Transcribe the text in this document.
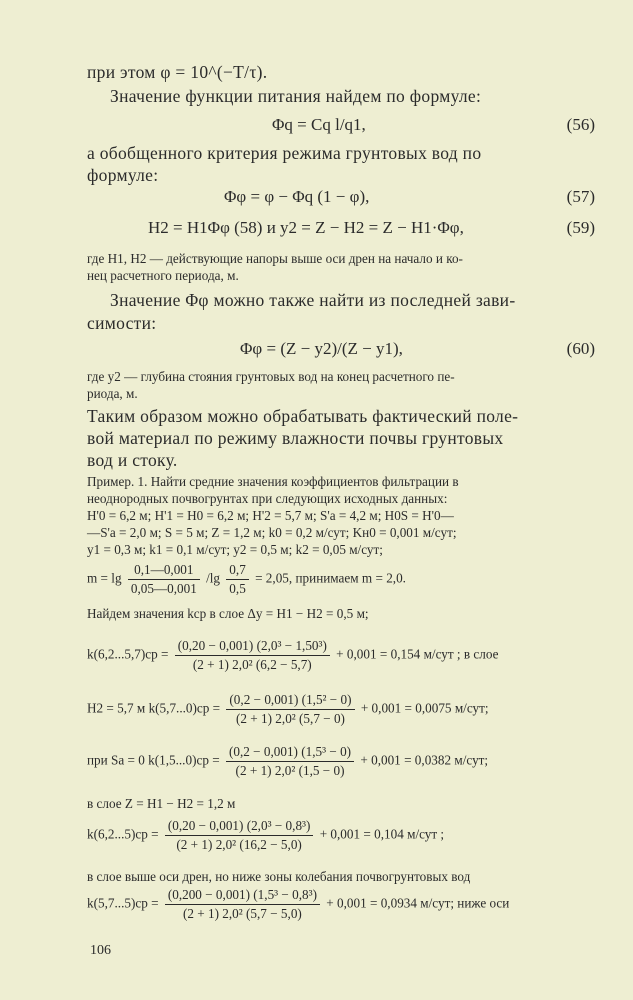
при этом φ = 10^(−T/τ).
Значение функции питания найдем по формуле:
Φq = Cq l/q1,	(56)
а обобщенного критерия режима грунтовых вод по
формуле:
Φφ = φ − Φq (1 − φ),	(57)
H2 = H1Φφ (58) и y2 = Z − H2 = Z − H1·Φφ,	(59)
где H1, H2 — действующие напоры выше оси дрен на начало и ко-
нец расчетного периода, м.
Значение Φφ можно также найти из последней зави-
симости:
Φφ = (Z − y2)/(Z − y1),	(60)
где y2 — глубина стояния грунтовых вод на конец расчетного пе-
риода, м.
Таким образом можно обрабатывать фактический поле-
вой материал по режиму влажности почвы грунтовых
вод и стоку.
Пример. 1. Найти средние значения коэффициентов фильтрации в
неоднородных почвогрунтах при следующих исходных данных:
H'0 = 6,2 м; H'1 = H0 = 6,2 м; H'2 = 5,7 м; S'a = 4,2 м; H0S = H'0—
—S'a = 2,0 м; S = 5 м; Z = 1,2 м; k0 = 0,2 м/сут; Kн0 = 0,001 м/сут;
y1 = 0,3 м; k1 = 0,1 м/сут; y2 = 0,5 м; k2 = 0,05 м/сут;
$m = \lg \frac{0,1—0,001}{0,05—0,001} /\lg \frac{0,7}{0,5} = 2,05$, принимаем m = 2,0.
Найдем значения kср в слое Δy = H1 − H2 = 0,5 м;
$k(6,2...5,7)ср = \frac{\text{(0,20 − 0,001) (2,0³ − 1,50³)}}{\text{(2 + 1) 2,0² (6,2 − 5,7)}} + 0,001 = 0,154$ м/сут ; в слое
H2 = 5,7 м $k(5,7...0)ср = \frac{\text{(0,2 − 0,001) (1,5² − 0)}}{\text{(2 + 1) 2,0² (5,7 − 0)}} + 0,001 = 0,0075$ м/сут;
при Sa = 0 $k(1,5...0)ср = \frac{\text{(0,2 − 0,001) (1,5³ − 0)}}{\text{(2 + 1) 2,0² (1,5 − 0)}} + 0,001 = 0,0382$ м/сут;
в слое Z = H1 − H2 = 1,2 м
$k(6,2...5)ср = \frac{\text{(0,20 − 0,001) (2,0³ − 0,8³)}}{\text{(2 + 1) 2,0² (16,2 − 5,0)}} + 0,001 = 0,104$ м/сут ;
в слое выше оси дрен, но ниже зоны колебания почвогрунтовых вод
$k(5,7...5)ср = \frac{\text{(0,200 − 0,001) (1,5³ − 0,8³)}}{\text{(2 + 1) 2,0² (5,7 − 5,0)}} + 0,001 = 0,0934$ м/сут; ниже оси
106
